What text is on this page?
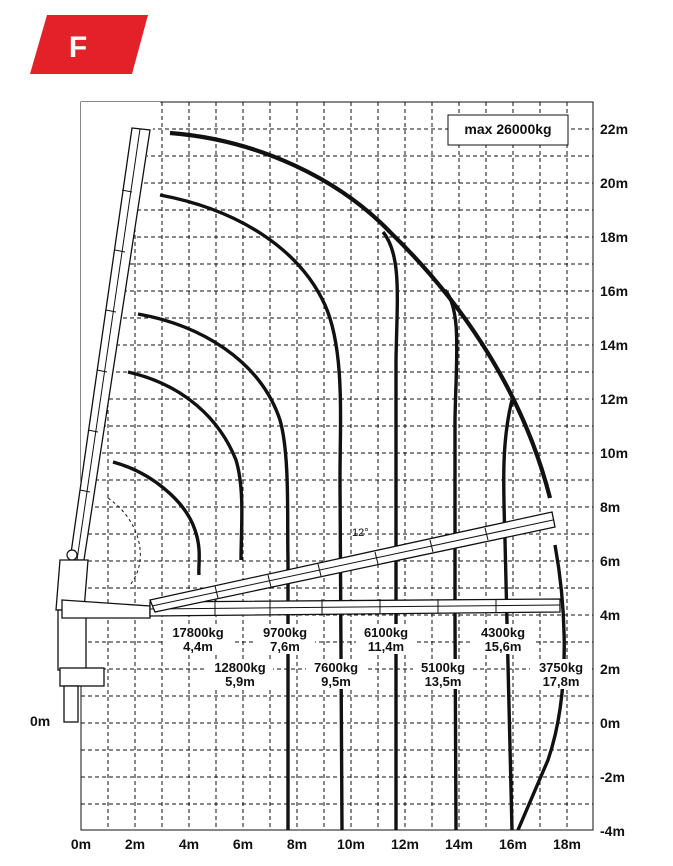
F
max 26000kg
12°
17800kg
4,4m
12800kg
5,9m
9700kg
7,6m
7600kg
9,5m
6100kg
11,4m
5100kg
13,5m
4300kg
15,6m
3750kg
17,8m
22m
20m
18m
16m
14m
12m
10m
8m
6m
4m
2m
0m
-2m
-4m
0m
0m 2m 4m 6m 8m 10m 12m 14m 16m 18m
